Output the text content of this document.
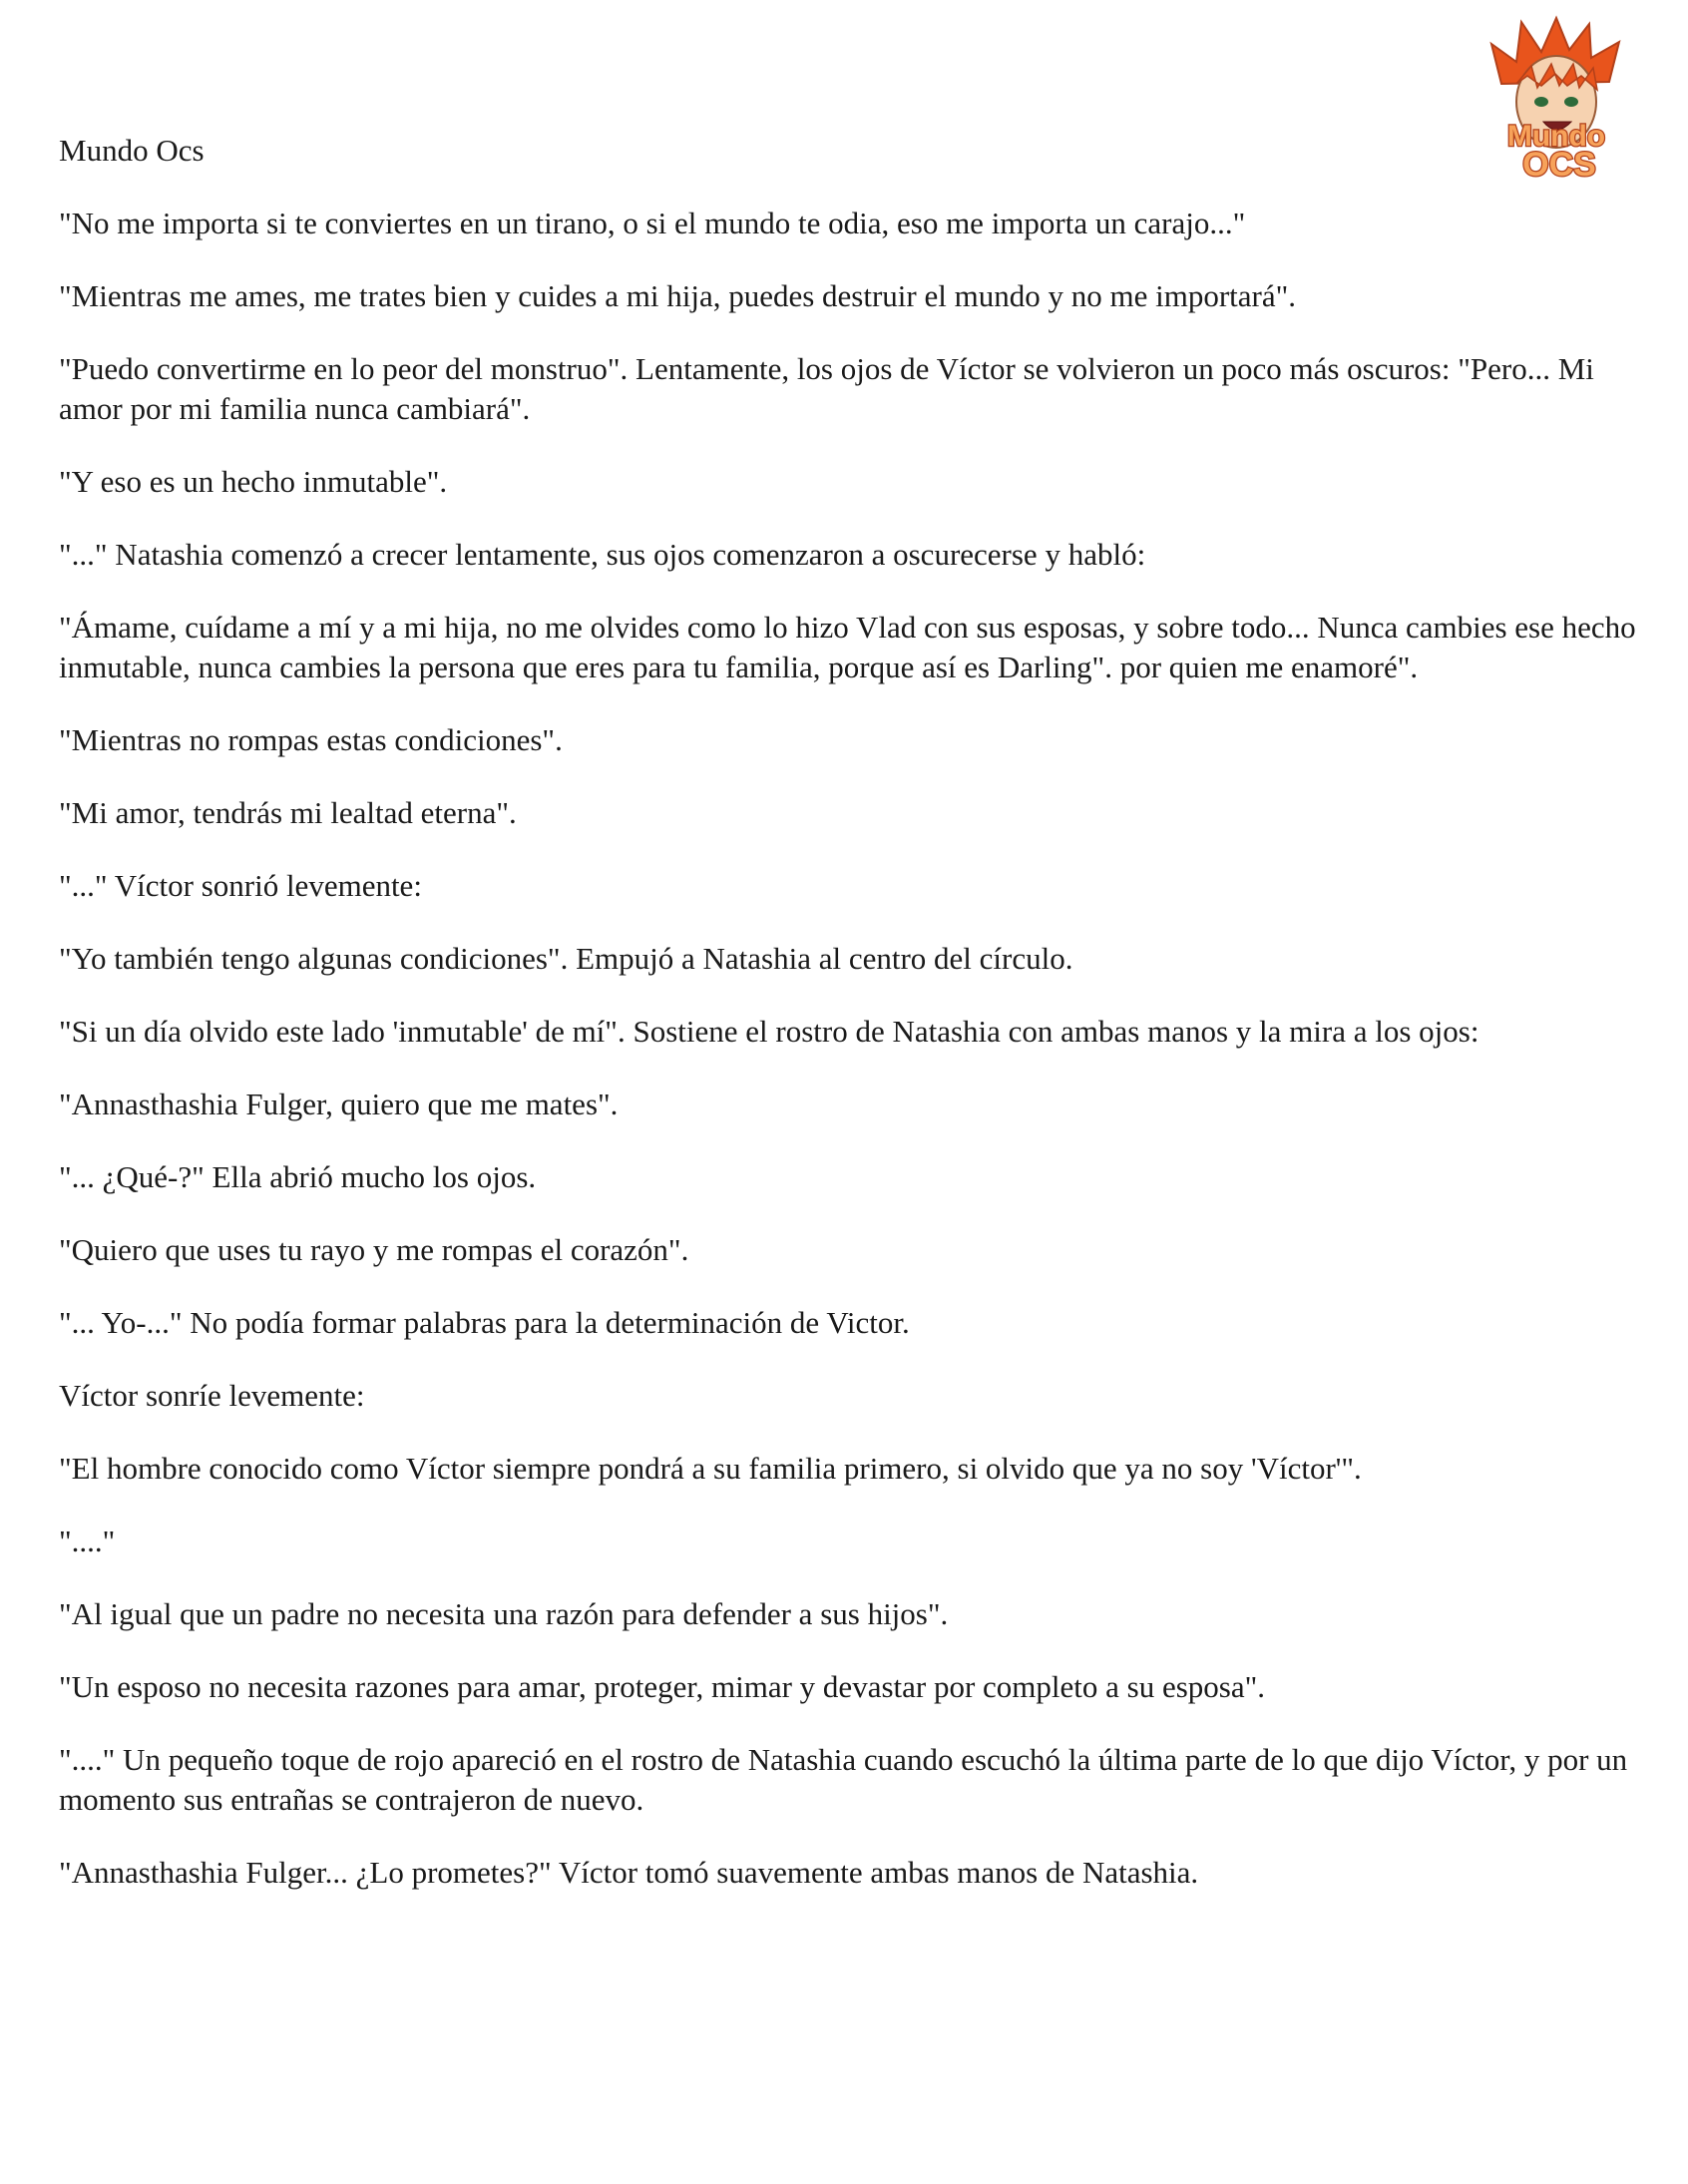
Mundo
OCS

Mundo Ocs

"No me importa si te conviertes en un tirano, o si el mundo te odia, eso me importa un carajo..."

"Mientras me ames, me trates bien y cuides a mi hija, puedes destruir el mundo y no me importará".

"Puedo convertirme en lo peor del monstruo". Lentamente, los ojos de Víctor se volvieron un poco más oscuros: "Pero... Mi amor por mi familia nunca cambiará".

"Y eso es un hecho inmutable".

"..." Natashia comenzó a crecer lentamente, sus ojos comenzaron a oscurecerse y habló:

"Ámame, cuídame a mí y a mi hija, no me olvides como lo hizo Vlad con sus esposas, y sobre todo... Nunca cambies ese hecho inmutable, nunca cambies la persona que eres para tu familia, porque así es Darling". por quien me enamoré".

"Mientras no rompas estas condiciones".

"Mi amor, tendrás mi lealtad eterna".

"..." Víctor sonrió levemente:

"Yo también tengo algunas condiciones". Empujó a Natashia al centro del círculo.

"Si un día olvido este lado 'inmutable' de mí". Sostiene el rostro de Natashia con ambas manos y la mira a los ojos:

"Annasthashia Fulger, quiero que me mates".

"... ¿Qué-?" Ella abrió mucho los ojos.

"Quiero que uses tu rayo y me rompas el corazón".

"... Yo-..." No podía formar palabras para la determinación de Victor.

Víctor sonríe levemente:

"El hombre conocido como Víctor siempre pondrá a su familia primero, si olvido que ya no soy 'Víctor'".

"...."

"Al igual que un padre no necesita una razón para defender a sus hijos".

"Un esposo no necesita razones para amar, proteger, mimar y devastar por completo a su esposa".

"...." Un pequeño toque de rojo apareció en el rostro de Natashia cuando escuchó la última parte de lo que dijo Víctor, y por un momento sus entrañas se contrajeron de nuevo.

"Annasthashia Fulger... ¿Lo prometes?" Víctor tomó suavemente ambas manos de Natashia.
